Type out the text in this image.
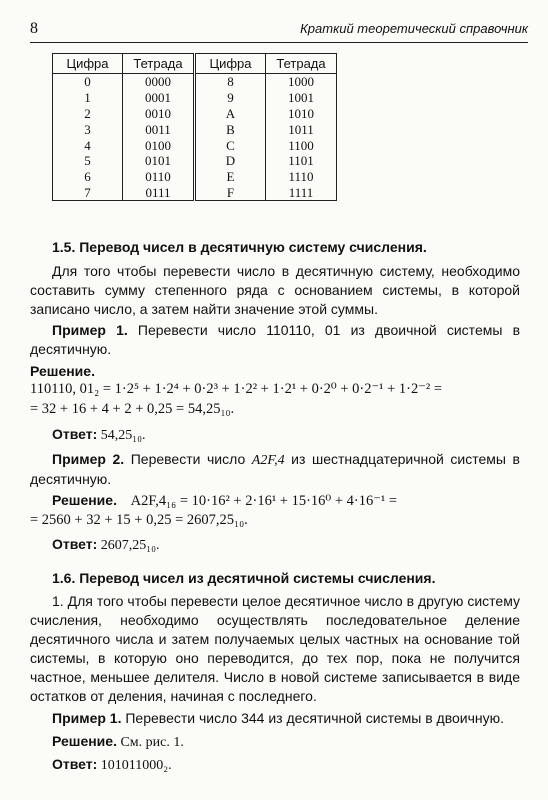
8	Краткий теоретический справочник
Цифра	Тетрада	Цифра	Тетрада
0	0000	8	1000
1	0001	9	1001
2	0010	A	1010
3	0011	B	1011
4	0100	C	1100
5	0101	D	1101
6	0110	E	1110
7	0111	F	1111
1.5. Перевод чисел в десятичную систему счисления.
Для того чтобы перевести число в десятичную систему, необходимо составить сумму степенного ряда с основанием системы, в которой записано число, а затем найти значение этой суммы.
Пример 1. Перевести число 110110, 01 из двоичной системы в десятичную.
Решение.
110110, 01₂ = 1·2⁵ + 1·2⁴ + 0·2³ + 1·2² + 1·2¹ + 0·2⁰ + 0·2⁻¹ + 1·2⁻² =
= 32 + 16 + 4 + 2 + 0,25 = 54,25₁₀.
Ответ: 54,25₁₀.
Пример 2. Перевести число A2F,4 из шестнадцатеричной системы в десятичную.
Решение. A2F,4₁₆ = 10·16² + 2·16¹ + 15·16⁰ + 4·16⁻¹ =
= 2560 + 32 + 15 + 0,25 = 2607,25₁₀.
Ответ: 2607,25₁₀.
1.6. Перевод чисел из десятичной системы счисления.
1. Для того чтобы перевести целое десятичное число в другую систему счисления, необходимо осуществлять последовательное деление десятичного числа и затем получаемых целых частных на основание той системы, в которую оно переводится, до тех пор, пока не получится частное, меньшее делителя. Число в новой системе записывается в виде остатков от деления, начиная с последнего.
Пример 1. Перевести число 344 из десятичной системы в двоичную.
Решение. См. рис. 1.
Ответ: 101011000₂.
